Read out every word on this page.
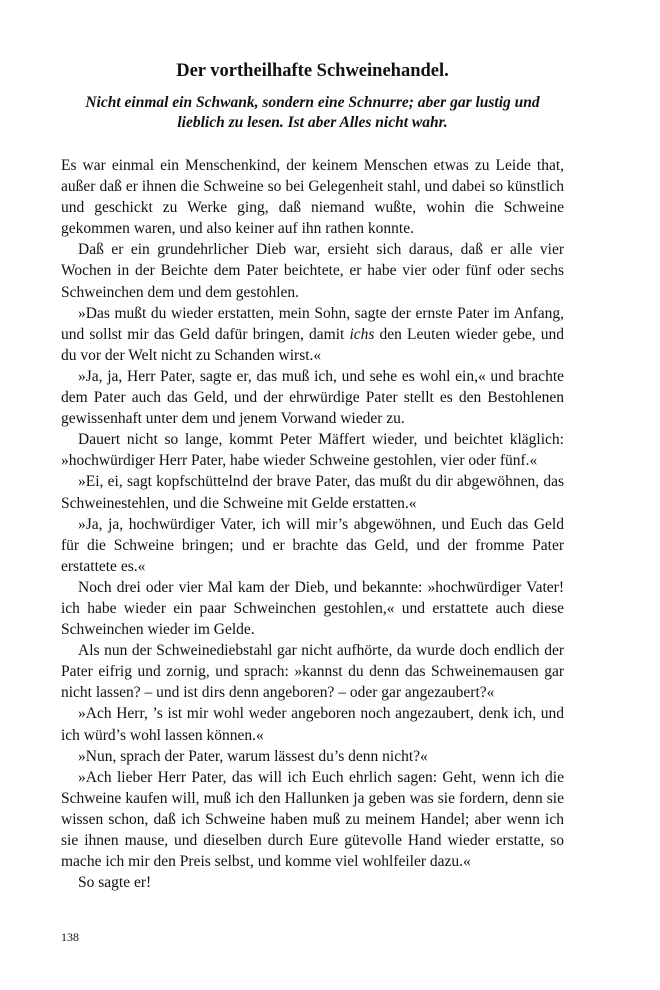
Der vortheilhafte Schweinehandel.

Nicht einmal ein Schwank, sondern eine Schnurre; aber gar lustig und lieblich zu lesen. Ist aber Alles nicht wahr.

Es war einmal ein Menschenkind, der keinem Menschen etwas zu Leide that, außer daß er ihnen die Schweine so bei Gelegenheit stahl, und dabei so künstlich und geschickt zu Werke ging, daß niemand wußte, wohin die Schweine gekommen waren, und also keiner auf ihn rathen konnte.

Daß er ein grundehrlicher Dieb war, ersieht sich daraus, daß er alle vier Wochen in der Beichte dem Pater beichtete, er habe vier oder fünf oder sechs Schweinchen dem und dem gestohlen.

»Das mußt du wieder erstatten, mein Sohn, sagte der ernste Pater im Anfang, und sollst mir das Geld dafür bringen, damit ichs den Leuten wieder gebe, und du vor der Welt nicht zu Schanden wirst.«

»Ja, ja, Herr Pater, sagte er, das muß ich, und sehe es wohl ein,« und brachte dem Pater auch das Geld, und der ehrwürdige Pater stellt es den Bestohlenen gewissenhaft unter dem und jenem Vorwand wieder zu.

Dauert nicht so lange, kommt Peter Mäffert wieder, und beichtet kläglich: »hochwürdiger Herr Pater, habe wieder Schweine gestohlen, vier oder fünf.«

»Ei, ei, sagt kopfschüttelnd der brave Pater, das mußt du dir abgewöhnen, das Schweinestehlen, und die Schweine mit Gelde erstatten.«

»Ja, ja, hochwürdiger Vater, ich will mir’s abgewöhnen, und Euch das Geld für die Schweine bringen; und er brachte das Geld, und der fromme Pater erstattete es.«

Noch drei oder vier Mal kam der Dieb, und bekannte: »hochwürdiger Vater! ich habe wieder ein paar Schweinchen gestohlen,« und erstattete auch diese Schweinchen wieder im Gelde.

Als nun der Schweinediebstahl gar nicht aufhörte, da wurde doch endlich der Pater eifrig und zornig, und sprach: »kannst du denn das Schweinemausen gar nicht lassen? – und ist dirs denn angeboren? – oder gar angezaubert?«

»Ach Herr, ’s ist mir wohl weder angeboren noch angezaubert, denk ich, und ich würd’s wohl lassen können.«

»Nun, sprach der Pater, warum lässest du’s denn nicht?«

»Ach lieber Herr Pater, das will ich Euch ehrlich sagen: Geht, wenn ich die Schweine kaufen will, muß ich den Hallunken ja geben was sie fordern, denn sie wissen schon, daß ich Schweine haben muß zu meinem Handel; aber wenn ich sie ihnen mause, und dieselben durch Eure gütevolle Hand wieder erstatte, so mache ich mir den Preis selbst, und komme viel wohlfeiler dazu.«

So sagte er!

138
